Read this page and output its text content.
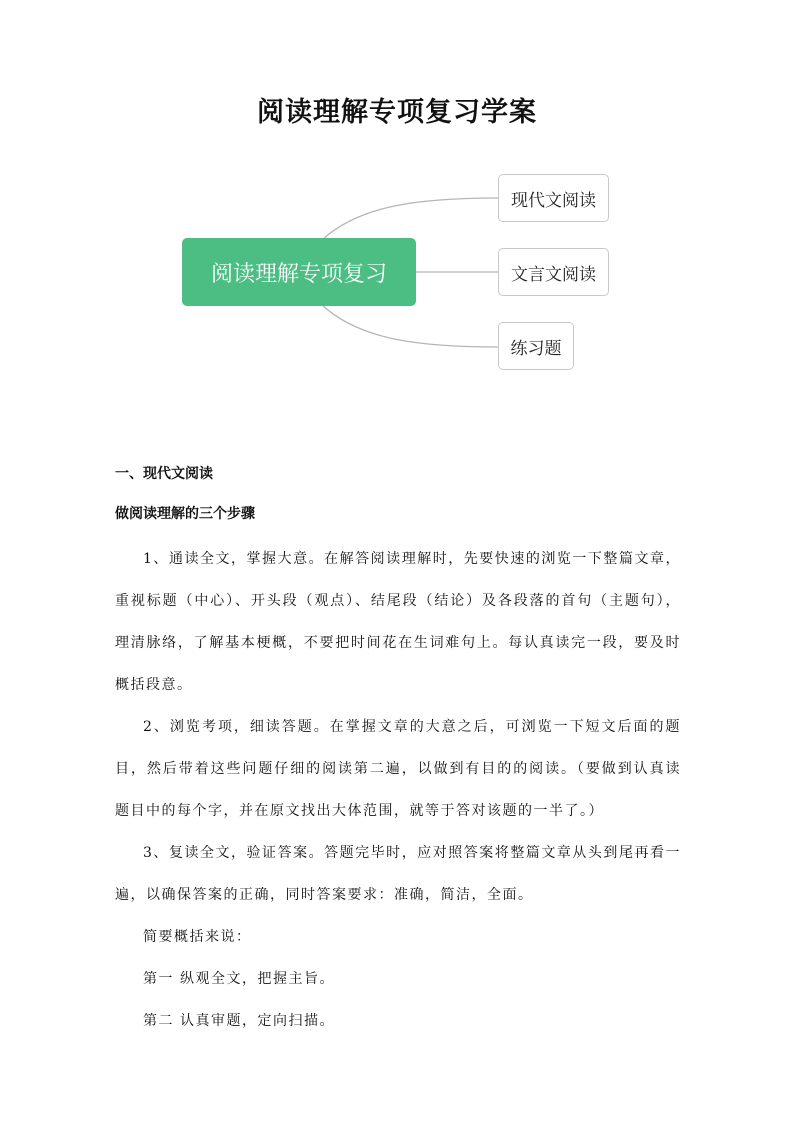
阅读理解专项复习学案
阅读理解专项复习
现代文阅读
文言文阅读
练习题
一、现代文阅读
做阅读理解的三个步骤

1、通读全文，掌握大意。在解答阅读理解时，先要快速的浏览一下整篇文章，重视标题（中心）、开头段（观点）、结尾段（结论）及各段落的首句（主题句），理清脉络，了解基本梗概，不要把时间花在生词难句上。每认真读完一段，要及时概括段意。

2、浏览考项，细读答题。在掌握文章的大意之后，可浏览一下短文后面的题目，然后带着这些问题仔细的阅读第二遍，以做到有目的的阅读。（要做到认真读题目中的每个字，并在原文找出大体范围，就等于答对该题的一半了。）

3、复读全文，验证答案。答题完毕时，应对照答案将整篇文章从头到尾再看一遍，以确保答案的正确，同时答案要求：准确，简洁，全面。

简要概括来说：

第一 纵观全文，把握主旨。

第二 认真审题，定向扫描。
